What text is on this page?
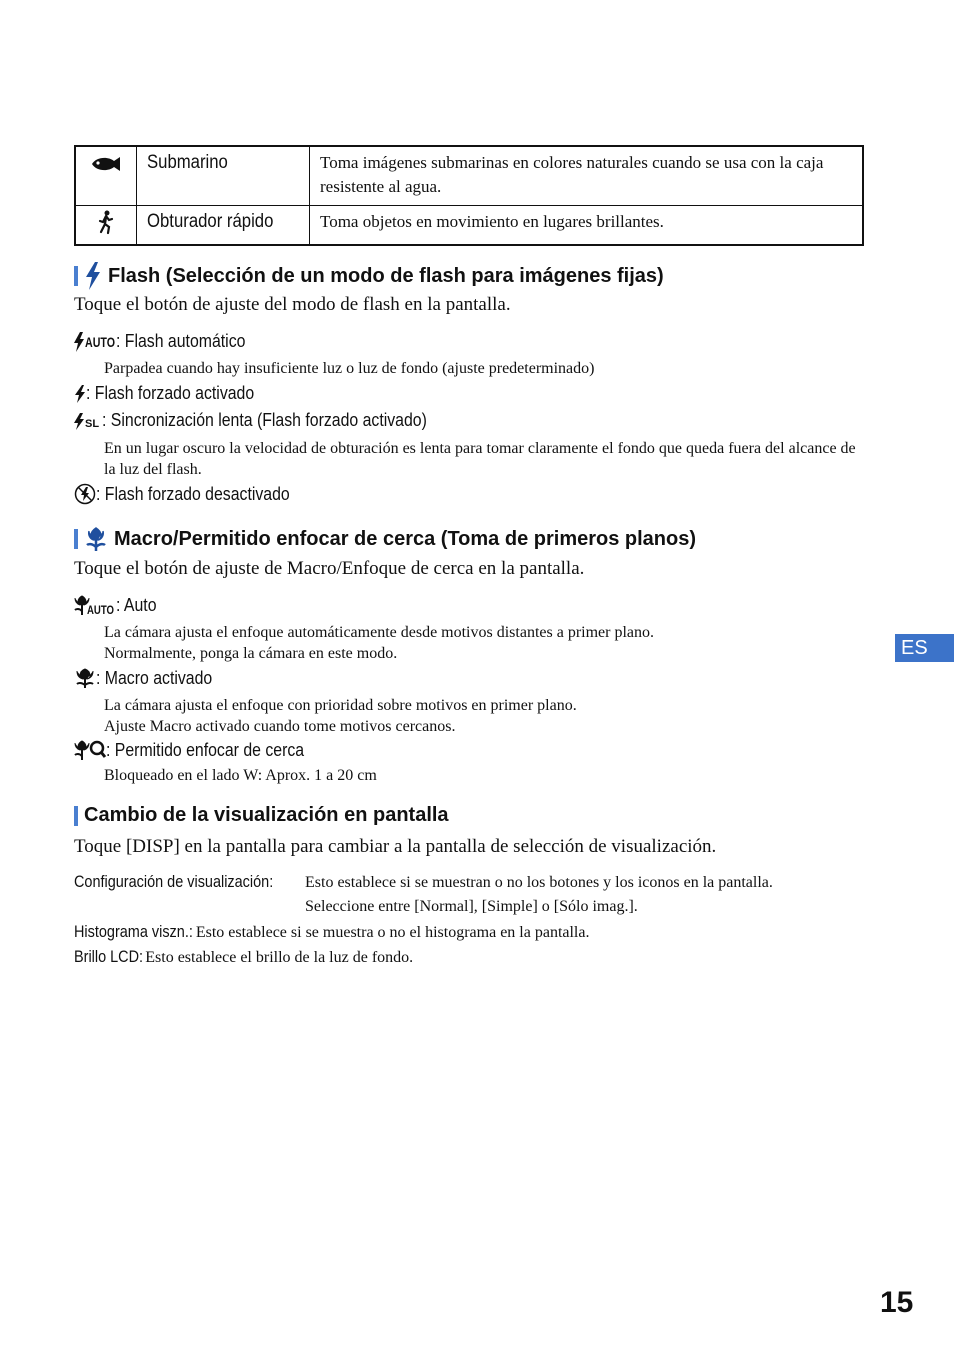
	Submarino	Toma imágenes submarinas en colores naturales cuando se usa con la caja resistente al agua.

	Obturador rápido	Toma objetos en movimiento en lugares brillantes.
Flash (Selección de un modo de flash para imágenes fijas)
Toque el botón de ajuste del modo de flash en la pantalla.
AUTO : Flash automático
Parpadea cuando hay insuficiente luz o luz de fondo (ajuste predeterminado)
: Flash forzado activado
SL : Sincronización lenta (Flash forzado activado)
En un lugar oscuro la velocidad de obturación es lenta para tomar claramente el fondo que queda fuera del alcance de la luz del flash.
: Flash forzado desactivado
Macro/Permitido enfocar de cerca (Toma de primeros planos)
Toque el botón de ajuste de Macro/Enfoque de cerca en la pantalla.
AUTO : Auto
La cámara ajusta el enfoque automáticamente desde motivos distantes a primer plano.
Normalmente, ponga la cámara en este modo.
: Macro activado
La cámara ajusta el enfoque con prioridad sobre motivos en primer plano.
Ajuste Macro activado cuando tome motivos cercanos.
: Permitido enfocar de cerca
Bloqueado en el lado W: Aprox. 1 a 20 cm
Cambio de la visualización en pantalla
Toque [DISP] en la pantalla para cambiar a la pantalla de selección de visualización.
Configuración de visualización: Esto establece si se muestran o no los botones y los iconos en la pantalla.
Seleccione entre [Normal], [Simple] o [Sólo imag.].
Histograma viszn.: Esto establece si se muestra o no el histograma en la pantalla.
Brillo LCD: Esto establece el brillo de la luz de fondo.
ES
15
